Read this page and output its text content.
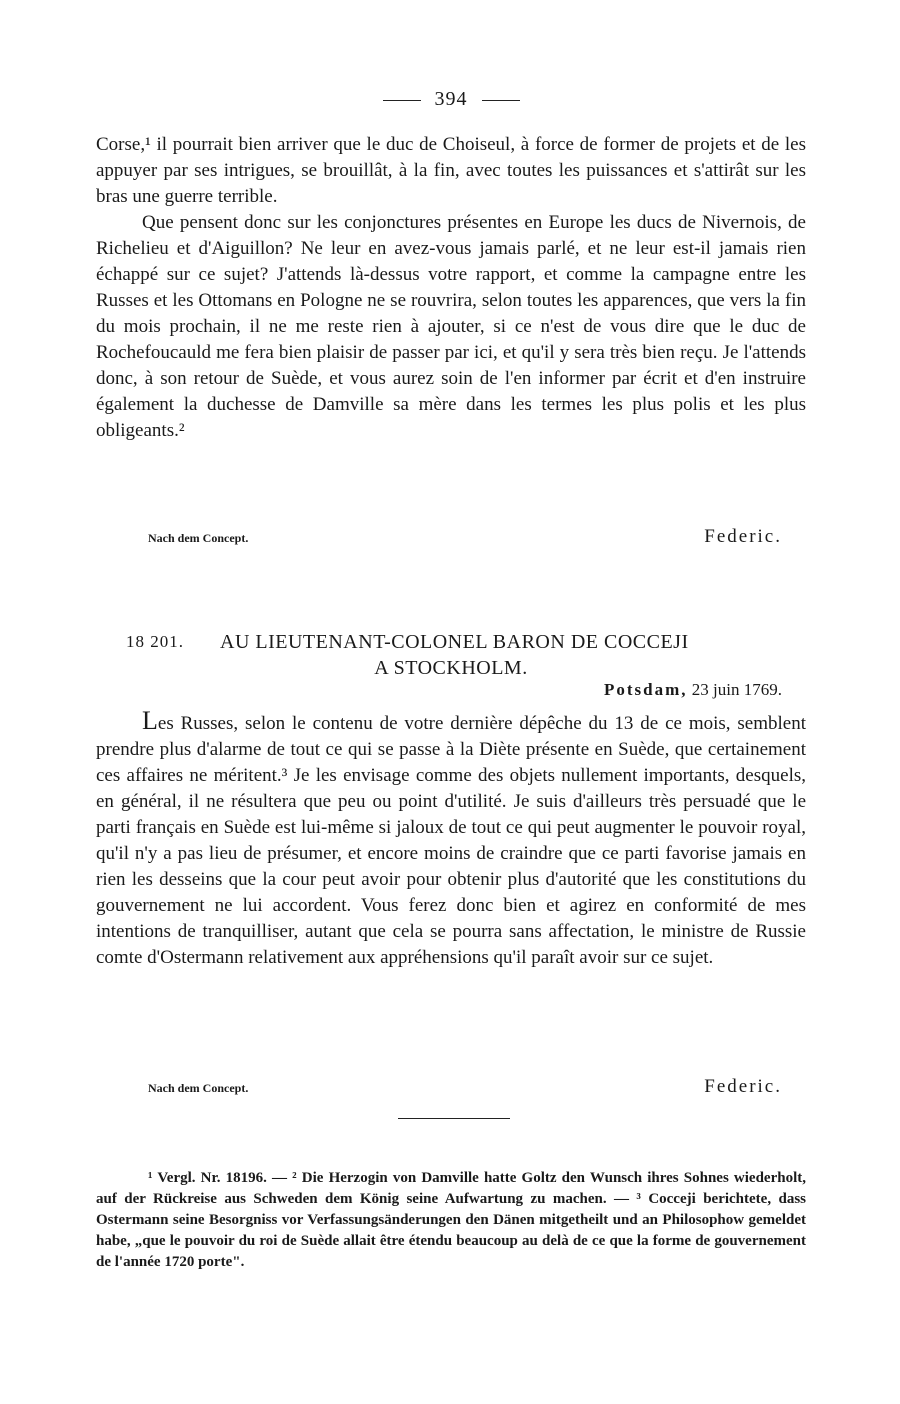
394

Corse,¹ il pourrait bien arriver que le duc de Choiseul, à force de former de projets et de les appuyer par ses intrigues, se brouillât, à la fin, avec toutes les puissances et s'attirât sur les bras une guerre terrible.

Que pensent donc sur les conjonctures présentes en Europe les ducs de Nivernois, de Richelieu et d'Aiguillon? Ne leur en avez-vous jamais parlé, et ne leur est-il jamais rien échappé sur ce sujet? J'attends là-dessus votre rapport, et comme la campagne entre les Russes et les Ottomans en Pologne ne se rouvrira, selon toutes les apparences, que vers la fin du mois prochain, il ne me reste rien à ajouter, si ce n'est de vous dire que le duc de Rochefoucauld me fera bien plaisir de passer par ici, et qu'il y sera très bien reçu. Je l'attends donc, à son retour de Suède, et vous aurez soin de l'en informer par écrit et d'en instruire également la duchesse de Damville sa mère dans les termes les plus polis et les plus obligeants.²

Nach dem Concept.	Federic.
18 201. AU LIEUTENANT-COLONEL BARON DE COCCEJI
A STOCKHOLM.
Potsdam, 23 juin 1769.

Les Russes, selon le contenu de votre dernière dépêche du 13 de ce mois, semblent prendre plus d'alarme de tout ce qui se passe à la Diète présente en Suède, que certainement ces affaires ne méritent.³ Je les envisage comme des objets nullement importants, desquels, en général, il ne résultera que peu ou point d'utilité. Je suis d'ailleurs très persuadé que le parti français en Suède est lui-même si jaloux de tout ce qui peut augmenter le pouvoir royal, qu'il n'y a pas lieu de présumer, et encore moins de craindre que ce parti favorise jamais en rien les desseins que la cour peut avoir pour obtenir plus d'autorité que les constitutions du gouvernement ne lui accordent. Vous ferez donc bien et agirez en conformité de mes intentions de tranquilliser, autant que cela se pourra sans affectation, le ministre de Russie comte d'Ostermann relativement aux appréhensions qu'il paraît avoir sur ce sujet.

Nach dem Concept.	Federic.

¹ Vergl. Nr. 18196. — ² Die Herzogin von Damville hatte Goltz den Wunsch ihres Sohnes wiederholt, auf der Rückreise aus Schweden dem König seine Aufwartung zu machen. — ³ Cocceji berichtete, dass Ostermann seine Besorgniss vor Verfassungsänderungen den Dänen mitgetheilt und an Philosophow gemeldet habe, „que le pouvoir du roi de Suède allait être étendu beaucoup au delà de ce que la forme de gouvernement de l'année 1720 porte".
